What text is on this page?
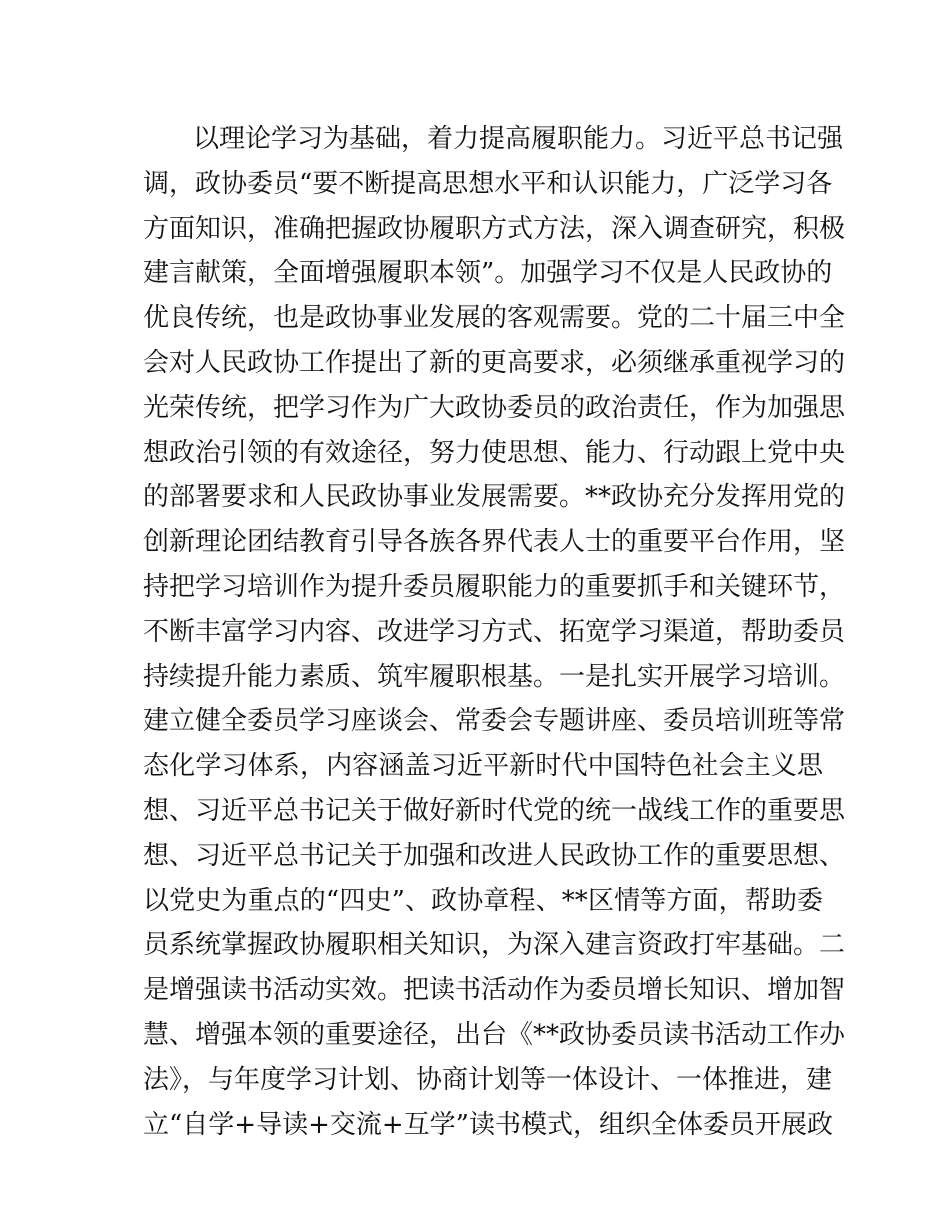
以理论学习为基础，着力提高履职能力。习近平总书记强
调，政协委员“要不断提高思想水平和认识能力，广泛学习各
方面知识，准确把握政协履职方式方法，深入调查研究，积极
建言献策，全面增强履职本领”。加强学习不仅是人民政协的
优良传统，也是政协事业发展的客观需要。党的二十届三中全
会对人民政协工作提出了新的更高要求，必须继承重视学习的
光荣传统，把学习作为广大政协委员的政治责任，作为加强思
想政治引领的有效途径，努力使思想、能力、行动跟上党中央
的部署要求和人民政协事业发展需要。**政协充分发挥用党的
创新理论团结教育引导各族各界代表人士的重要平台作用，坚
持把学习培训作为提升委员履职能力的重要抓手和关键环节，
不断丰富学习内容、改进学习方式、拓宽学习渠道，帮助委员
持续提升能力素质、筑牢履职根基。一是扎实开展学习培训。
建立健全委员学习座谈会、常委会专题讲座、委员培训班等常
态化学习体系，内容涵盖习近平新时代中国特色社会主义思
想、习近平总书记关于做好新时代党的统一战线工作的重要思
想、习近平总书记关于加强和改进人民政协工作的重要思想、
以党史为重点的“四史”、政协章程、**区情等方面，帮助委
员系统掌握政协履职相关知识，为深入建言资政打牢基础。二
是增强读书活动实效。把读书活动作为委员增长知识、增加智
慧、增强本领的重要途径，出台《**政协委员读书活动工作办
法》，与年度学习计划、协商计划等一体设计、一体推进，建
立“自学+导读+交流+互学”读书模式，组织全体委员开展政
